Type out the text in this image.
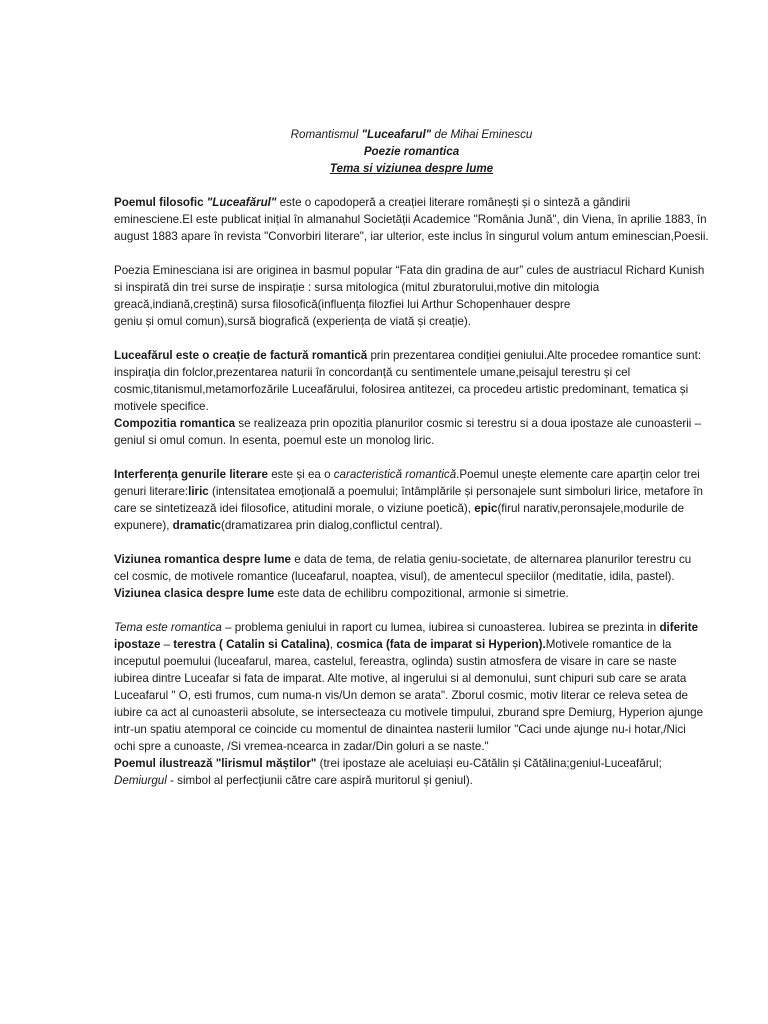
Romantismul "Luceafarul" de Mihai Eminescu
Poezie romantica
Tema si viziunea despre lume

Poemul filosofic "Luceafărul" este o capodoperă a creației literare românești și o sinteză a gândirii eminesciene.El este publicat inițial în almanahul Societății Academice "România Jună", din Viena, în aprilie 1883, în august 1883 apare în revista "Convorbiri literare", iar ulterior, este inclus în singurul volum antum eminescian,Poesii.

Poezia Eminesciana isi are originea in basmul popular “Fata din gradina de aur” cules de austriacul Richard Kunish si inspirată din trei surse de inspirație : sursa mitologica (mitul zburatorului,motive din mitologia greacă,indiană,creștină) sursa filosofică(influența filozfiei lui Arthur Schopenhauer despre
geniu și omul comun),sursă biografică (experiența de viată și creație).

Luceafărul este o creație de factură romantică prin prezentarea condiției geniului.Alte procedee romantice sunt: inspirația din folclor,prezentarea naturii în concordanță cu sentimentele umane,peisajul terestru și cel cosmic,titanismul,metamorfozările Luceafărului, folosirea antitezei, ca procedeu artistic predominant, tematica și motivele specifice.
Compozitia romantica se realizeaza prin opozitia planurilor cosmic si terestru si a doua ipostaze ale cunoasterii – geniul si omul comun. In esenta, poemul este un monolog liric.

Interferența genurile literare este și ea o caracteristică romantică.Poemul unește elemente care aparțin celor trei genuri literare:liric (intensitatea emoțională a poemului; întâmplările și personajele sunt simboluri lirice, metafore în care se sintetizează idei filosofice, atitudini morale, o viziune poetică), epic(firul narativ,peronsajele,modurile de expunere), dramatic(dramatizarea prin dialog,conflictul central).

Viziunea romantica despre lume e data de tema, de relatia geniu-societate, de alternarea planurilor terestru cu cel cosmic, de motivele romantice (luceafarul, noaptea, visul), de amentecul speciilor (meditatie, idila, pastel). Viziunea clasica despre lume este data de echilibru compozitional, armonie si simetrie.

Tema este romantica – problema geniului in raport cu lumea, iubirea si cunoasterea. Iubirea se prezinta in diferite ipostaze – terestra ( Catalin si Catalina), cosmica (fata de imparat si Hyperion).Motivele romantice de la inceputul poemului (luceafarul, marea, castelul, fereastra, oglinda) sustin atmosfera de visare in care se naste iubirea dintre Luceafar si fata de imparat. Alte motive, al ingerului si al demonului, sunt chipuri sub care se arata Luceafarul " O, esti frumos, cum numa-n vis/Un demon se arata". Zborul cosmic, motiv literar ce releva setea de iubire ca act al cunoasterii absolute, se intersecteaza cu motivele timpului, zburand spre Demiurg, Hyperion ajunge intr-un spatiu atemporal ce coincide cu momentul de dinaintea nasterii lumilor "Caci unde ajunge nu-i hotar,/Nici ochi spre a cunoaste, /Si vremea-ncearca in zadar/Din goluri a se naste."
Poemul ilustrează "lirismul măștilor" (trei ipostaze ale aceluiași eu-Cătălin și Cătălina;geniul-Luceafărul; Demiurgul - simbol al perfecțiunii către care aspiră muritorul și geniul).
